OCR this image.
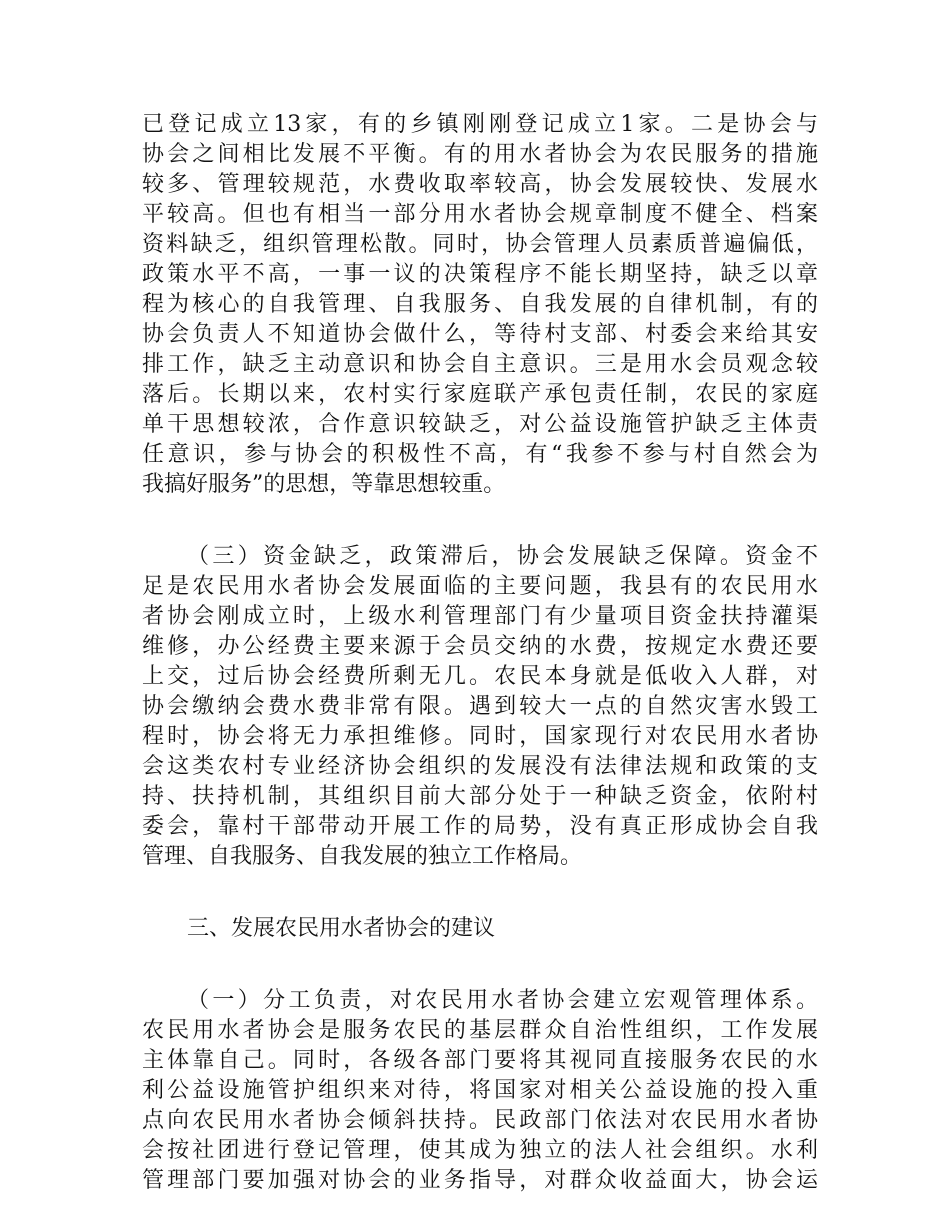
已登记成立13家，有的乡镇刚刚登记成立1家。二是协会与
协会之间相比发展不平衡。有的用水者协会为农民服务的措施
较多、管理较规范，水费收取率较高，协会发展较快、发展水
平较高。但也有相当一部分用水者协会规章制度不健全、档案
资料缺乏，组织管理松散。同时，协会管理人员素质普遍偏低，
政策水平不高，一事一议的决策程序不能长期坚持，缺乏以章
程为核心的自我管理、自我服务、自我发展的自律机制，有的
协会负责人不知道协会做什么，等待村支部、村委会来给其安
排工作，缺乏主动意识和协会自主意识。三是用水会员观念较
落后。长期以来，农村实行家庭联产承包责任制，农民的家庭
单干思想较浓，合作意识较缺乏，对公益设施管护缺乏主体责
任意识，参与协会的积极性不高，有“我参不参与村自然会为
我搞好服务”的思想，等靠思想较重。
（三）资金缺乏，政策滞后，协会发展缺乏保障。资金不
足是农民用水者协会发展面临的主要问题，我县有的农民用水
者协会刚成立时，上级水利管理部门有少量项目资金扶持灌渠
维修，办公经费主要来源于会员交纳的水费，按规定水费还要
上交，过后协会经费所剩无几。农民本身就是低收入人群，对
协会缴纳会费水费非常有限。遇到较大一点的自然灾害水毁工
程时，协会将无力承担维修。同时，国家现行对农民用水者协
会这类农村专业经济协会组织的发展没有法律法规和政策的支
持、扶持机制，其组织目前大部分处于一种缺乏资金，依附村
委会，靠村干部带动开展工作的局势，没有真正形成协会自我
管理、自我服务、自我发展的独立工作格局。
三、发展农民用水者协会的建议
（一）分工负责，对农民用水者协会建立宏观管理体系。
农民用水者协会是服务农民的基层群众自治性组织，工作发展
主体靠自己。同时，各级各部门要将其视同直接服务农民的水
利公益设施管护组织来对待，将国家对相关公益设施的投入重
点向农民用水者协会倾斜扶持。民政部门依法对农民用水者协
会按社团进行登记管理，使其成为独立的法人社会组织。水利
管理部门要加强对协会的业务指导，对群众收益面大，协会运
